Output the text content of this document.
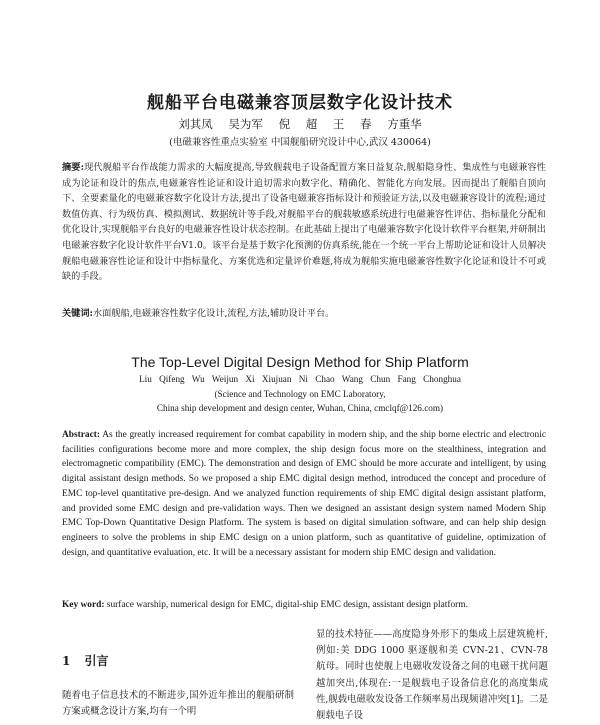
舰船平台电磁兼容顶层数字化设计技术
刘其凤 吴为军 倪 超 王 春 方重华
(电磁兼容性重点实验室 中国舰船研究设计中心,武汉 430064)
摘要:现代舰船平台作战能力需求的大幅度提高,导致舰载电子设备配置方案日益复杂,舰船隐身性、集成性与电磁兼容性成为论证和设计的焦点,电磁兼容性论证和设计追切需求向数字化、精确化、智能化方向发展。因而提出了舰船自顶向下、全要素量化的电磁兼容数字化设计方法,提出了设备电磁兼容指标设计和预验证方法,以及电磁兼容设计的流程;通过数值仿真、行为级仿真、模拟测试、数据统计等手段,对舰船平台的舰载敏感系统进行电磁兼容性评估、指标量化分配和优化设计,实现舰船平台良好的电磁兼容性设计状态控制。在此基础上提出了电磁兼容数字化设计软件平台框架,并研制出电磁兼容数字化设计软件平台V1.0。该平台是基于数字化预测的仿真系统,能在一个统一平台上帮助论证和设计人员解决舰船电磁兼容性论证和设计中指标量化、方案优选和定量评价难题,将成为舰船实施电磁兼容性数字化论证和设计不可或缺的手段。
关键词:水面舰船,电磁兼容性数字化设计,流程,方法,辅助设计平台。
The Top-Level Digital Design Method for Ship Platform
Liu Qifeng Wu Weijun Xi Xiujuan Ni Chao Wang Chun Fang Chonghua
(Science and Technology on EMC Laboratory,
China ship development and design center, Wuhan, China, cmclqf@126.com)
Abstract: As the greatly increased requirement for combat capability in modern ship, and the ship borne electric and electronic facilities configurations become more and more complex, the ship design focus more on the stealthiness, integration and electromagnetic compatibility (EMC). The demonstration and design of EMC should be more accurate and intelligent, by using digital assistant design methods. So we proposed a ship EMC digital design method, introduced the concept and procedure of EMC top-level quantitative pre-design. And we analyzed function requirements of ship EMC digital design assistant platform, and provided some EMC design and pre-validation ways. Then we designed an assistant design system named Modern Ship EMC Top-Down Quantitative Design Platform. The system is based on digital simulation software, and can help ship design engineers to solve the problems in ship EMC design on a union platform, such as quantitative of guideline, optimization of design, and quantitative evaluation, etc. It will be a necessary assistant for modern ship EMC design and validation.
Key word: surface warship, numerical design for EMC, digital-ship EMC design, assistant design platform.
1 引言
随着电子信息技术的不断进步,国外近年推出的舰船研制方案或概念设计方案,均有一个明
显的技术特征——高度隐身外形下的集成上层建筑桅杆,例如:美 DDG 1000 驱逐舰和美 CVN-21、CVN-78 航母。同时也使舰上电磁收发设备之间的电磁干扰问题越加突出,体现在:一是舰载电子设备信息化的高度集成性,舰载电磁收发设备工作频率易出现频谱冲突[1]。二是舰载电子设
